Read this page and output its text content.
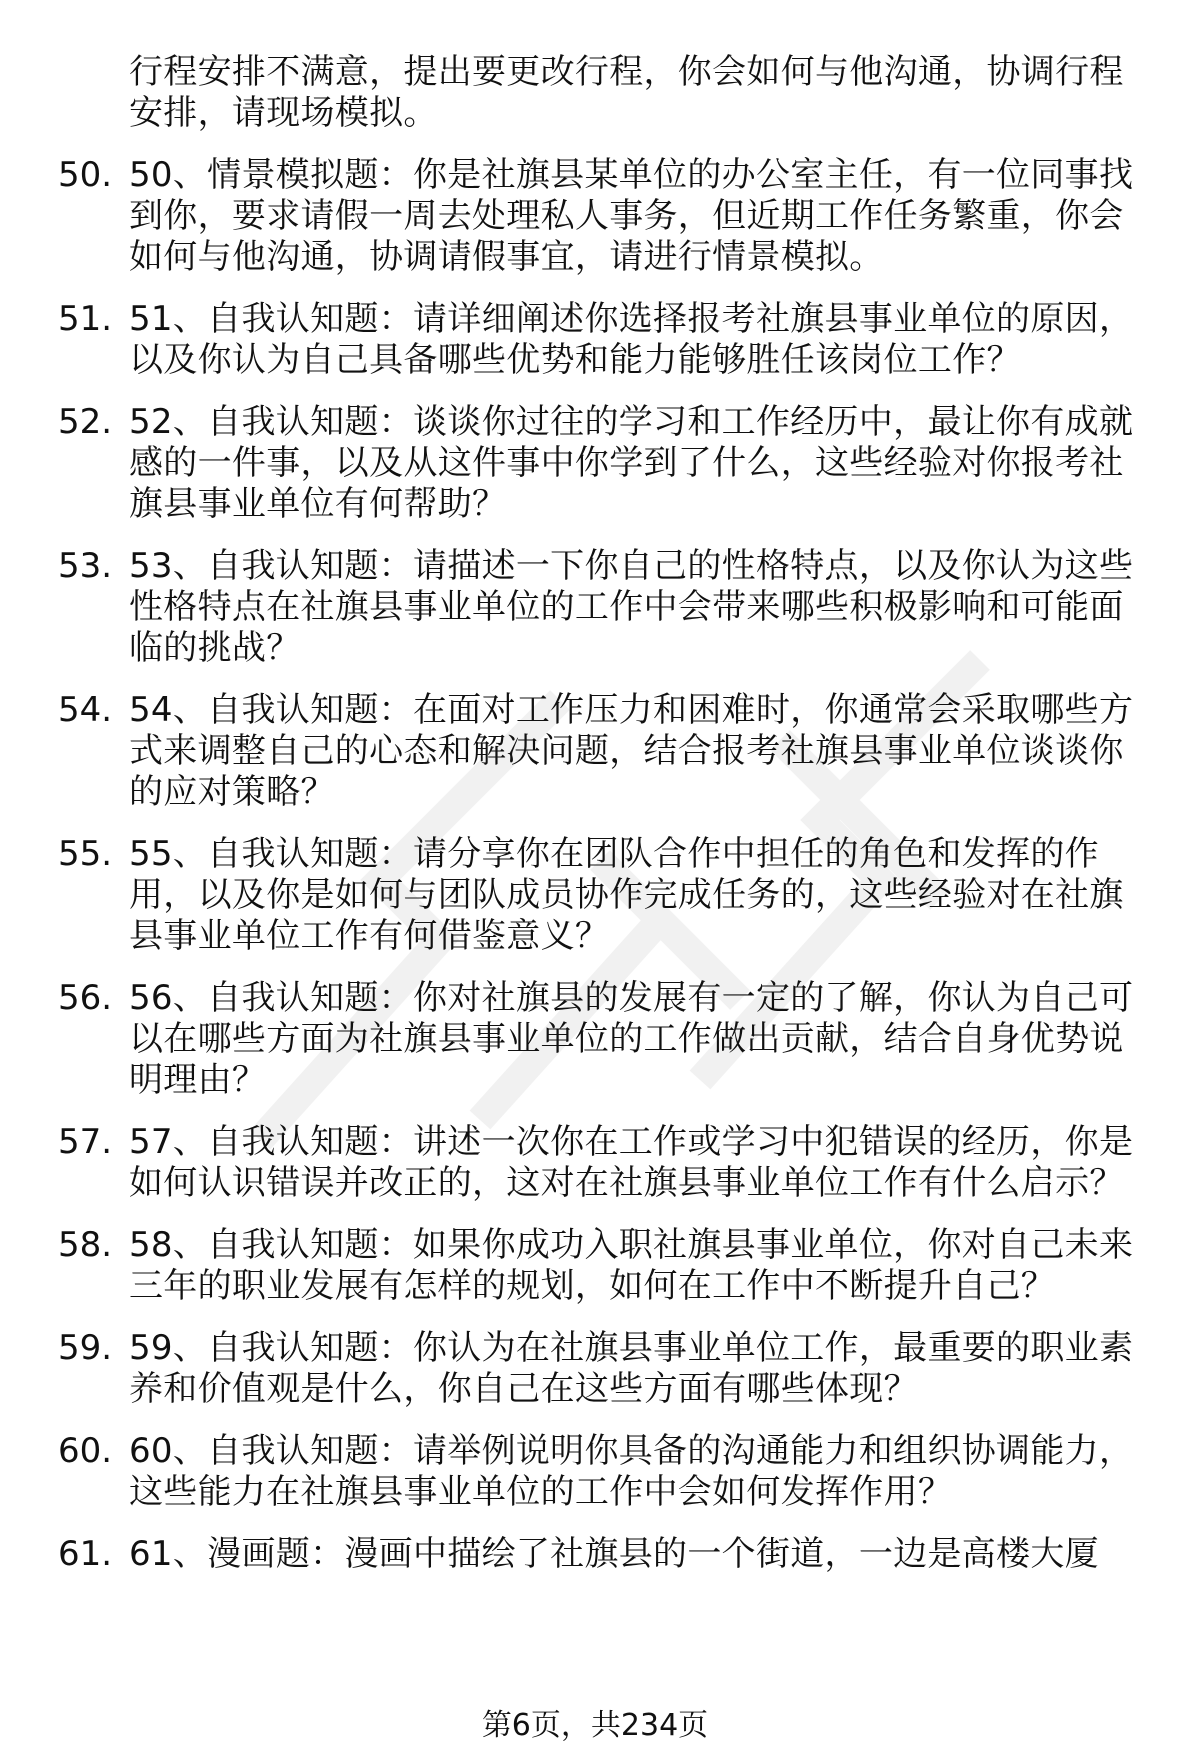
行程安排不满意，提出要更改行程，你会如何与他沟通，协调行程安排，请现场模拟。
50. 50、情景模拟题：你是社旗县某单位的办公室主任，有一位同事找到你，要求请假一周去处理私人事务，但近期工作任务繁重，你会如何与他沟通，协调请假事宜，请进行情景模拟。
51. 51、自我认知题：请详细阐述你选择报考社旗县事业单位的原因，以及你认为自己具备哪些优势和能力能够胜任该岗位工作？
52. 52、自我认知题：谈谈你过往的学习和工作经历中，最让你有成就感的一件事，以及从这件事中你学到了什么，这些经验对你报考社旗县事业单位有何帮助？
53. 53、自我认知题：请描述一下你自己的性格特点，以及你认为这些性格特点在社旗县事业单位的工作中会带来哪些积极影响和可能面临的挑战？
54. 54、自我认知题：在面对工作压力和困难时，你通常会采取哪些方式来调整自己的心态和解决问题，结合报考社旗县事业单位谈谈你的应对策略？
55. 55、自我认知题：请分享你在团队合作中担任的角色和发挥的作用，以及你是如何与团队成员协作完成任务的，这些经验对在社旗县事业单位工作有何借鉴意义？
56. 56、自我认知题：你对社旗县的发展有一定的了解，你认为自己可以在哪些方面为社旗县事业单位的工作做出贡献，结合自身优势说明理由？
57. 57、自我认知题：讲述一次你在工作或学习中犯错误的经历，你是如何认识错误并改正的，这对在社旗县事业单位工作有什么启示？
58. 58、自我认知题：如果你成功入职社旗县事业单位，你对自己未来三年的职业发展有怎样的规划，如何在工作中不断提升自己？
59. 59、自我认知题：你认为在社旗县事业单位工作，最重要的职业素养和价值观是什么，你自己在这些方面有哪些体现？
60. 60、自我认知题：请举例说明你具备的沟通能力和组织协调能力，这些能力在社旗县事业单位的工作中会如何发挥作用？
61. 61、漫画题：漫画中描绘了社旗县的一个街道，一边是高楼大厦
第6页，共234页
